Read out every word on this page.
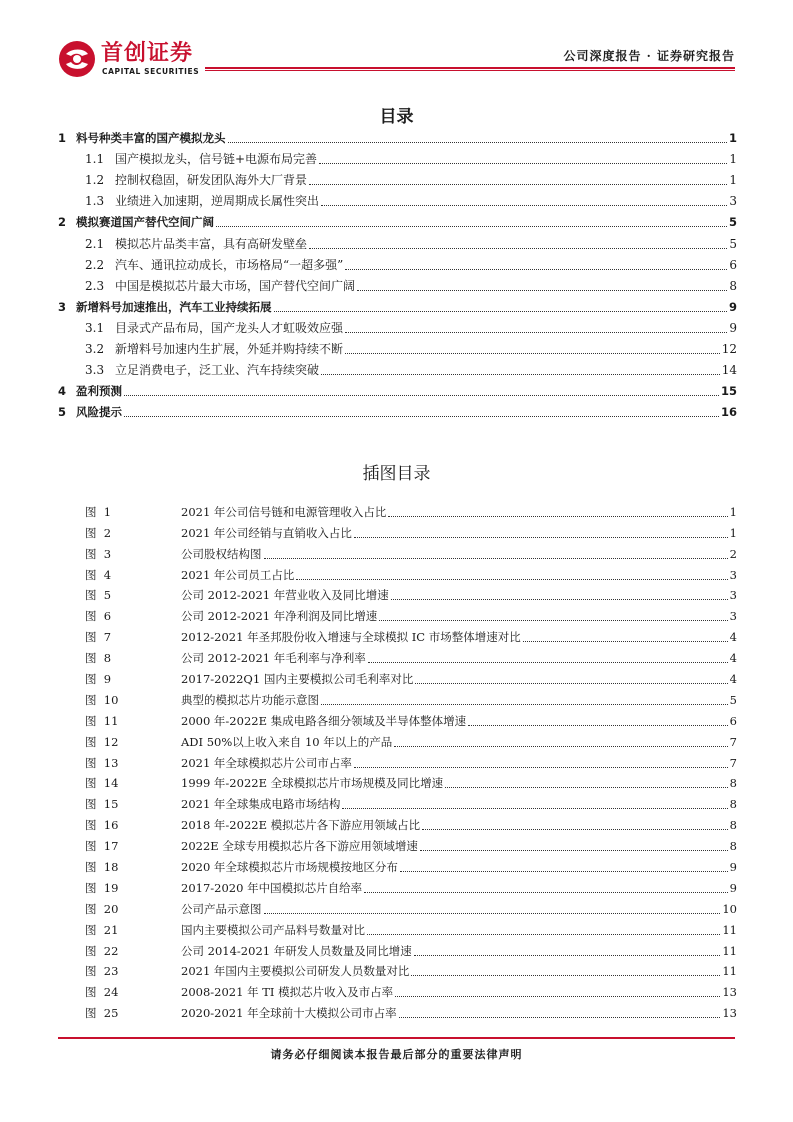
首创证券
CAPITAL SECURITIES
公司深度报告 · 证券研究报告
目录
1 料号种类丰富的国产模拟龙头	1
1.1 国产模拟龙头，信号链+电源布局完善	1
1.2 控制权稳固，研发团队海外大厂背景	1
1.3 业绩进入加速期，逆周期成长属性突出	3
2 模拟赛道国产替代空间广阔	5
2.1 模拟芯片品类丰富，具有高研发壁垒	5
2.2 汽车、通讯拉动成长，市场格局“一超多强”	6
2.3 中国是模拟芯片最大市场，国产替代空间广阔	8
3 新增料号加速推出，汽车工业持续拓展	9
3.1 目录式产品布局，国产龙头人才虹吸效应强	9
3.2 新增料号加速内生扩展，外延并购持续不断	12
3.3 立足消费电子，泛工业、汽车持续突破	14
4 盈利预测	15
5 风险提示	16
插图目录
图  1	2021 年公司信号链和电源管理收入占比	1
图  2	2021 年公司经销与直销收入占比	1
图  3	公司股权结构图	2
图  4	2021 年公司员工占比	3
图  5	公司 2012-2021 年营业收入及同比增速	3
图  6	公司 2012-2021 年净利润及同比增速	3
图  7	2012-2021 年圣邦股份收入增速与全球模拟 IC 市场整体增速对比	4
图  8	公司 2012-2021 年毛利率与净利率	4
图  9	2017-2022Q1 国内主要模拟公司毛利率对比	4
图  10	典型的模拟芯片功能示意图	5
图  11	2000 年-2022E 集成电路各细分领域及半导体整体增速	6
图  12	ADI 50%以上收入来自 10 年以上的产品	7
图  13	2021 年全球模拟芯片公司市占率	7
图  14	1999 年-2022E 全球模拟芯片市场规模及同比增速	8
图  15	2021 年全球集成电路市场结构	8
图  16	2018 年-2022E 模拟芯片各下游应用领域占比	8
图  17	2022E 全球专用模拟芯片各下游应用领域增速	8
图  18	2020 年全球模拟芯片市场规模按地区分布	9
图  19	2017-2020 年中国模拟芯片自给率	9
图  20	公司产品示意图	10
图  21	国内主要模拟公司产品料号数量对比	11
图  22	公司 2014-2021 年研发人员数量及同比增速	11
图  23	2021 年国内主要模拟公司研发人员数量对比	11
图  24	2008-2021 年 TI 模拟芯片收入及市占率	13
图  25	2020-2021 年全球前十大模拟公司市占率	13
请务必仔细阅读本报告最后部分的重要法律声明
